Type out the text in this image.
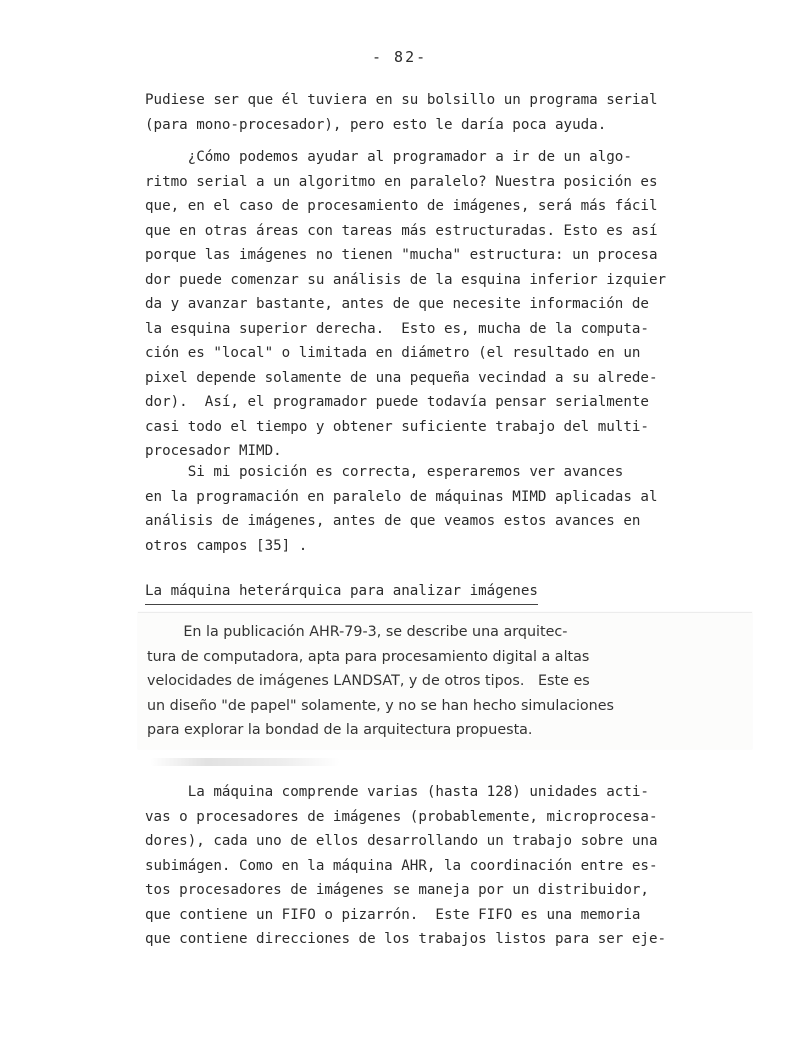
- 82-
Pudiese ser que él tuviera en su bolsillo un programa serial
(para mono-procesador), pero esto le daría poca ayuda.
¿Cómo podemos ayudar al programador a ir de un algo-
ritmo serial a un algoritmo en paralelo? Nuestra posición es
que, en el caso de procesamiento de imágenes, será más fácil
que en otras áreas con tareas más estructuradas. Esto es así
porque las imágenes no tienen "mucha" estructura: un procesa
dor puede comenzar su análisis de la esquina inferior izquier
da y avanzar bastante, antes de que necesite información de
la esquina superior derecha.  Esto es, mucha de la computa-
ción es "local" o limitada en diámetro (el resultado en un
pixel depende solamente de una pequeña vecindad a su alrede-
dor).  Así, el programador puede todavía pensar serialmente
casi todo el tiempo y obtener suficiente trabajo del multi-
procesador MIMD.
Si mi posición es correcta, esperaremos ver avances
en la programación en paralelo de máquinas MIMD aplicadas al
análisis de imágenes, antes de que veamos estos avances en
otros campos [35] .
La máquina heterárquica para analizar imágenes
En la publicación AHR-79-3, se describe una arquitec-
tura de computadora, apta para procesamiento digital a altas
velocidades de imágenes LANDSAT, y de otros tipos.   Este es
un diseño "de papel" solamente, y no se han hecho simulaciones
para explorar la bondad de la arquitectura propuesta.
La máquina comprende varias (hasta 128) unidades acti-
vas o procesadores de imágenes (probablemente, microprocesa-
dores), cada uno de ellos desarrollando un trabajo sobre una
subimágen. Como en la máquina AHR, la coordinación entre es-
tos procesadores de imágenes se maneja por un distribuidor,
que contiene un FIFO o pizarrón.  Este FIFO es una memoria
que contiene direcciones de los trabajos listos para ser eje-
